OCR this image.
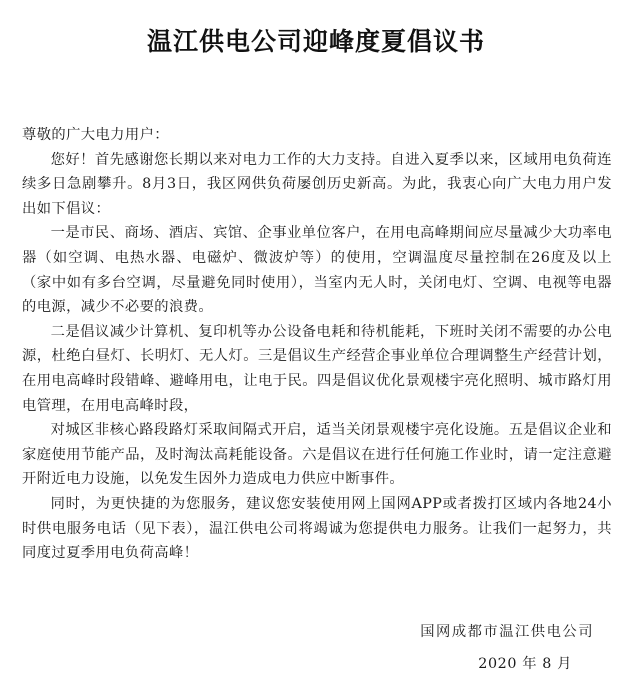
温江供电公司迎峰度夏倡议书

尊敬的广大电力用户：

您好！首先感谢您长期以来对电力工作的大力支持。自进入夏季以来，区域用电负荷连续多日急剧攀升。8月3日，我区网供负荷屡创历史新高。为此，我衷心向广大电力用户发出如下倡议：

一是市民、商场、酒店、宾馆、企事业单位客户，在用电高峰期间应尽量减少大功率电器（如空调、电热水器、电磁炉、微波炉等）的使用，空调温度尽量控制在26度及以上（家中如有多台空调，尽量避免同时使用），当室内无人时，关闭电灯、空调、电视等电器的电源，减少不必要的浪费。

二是倡议减少计算机、复印机等办公设备电耗和待机能耗，下班时关闭不需要的办公电源，杜绝白昼灯、长明灯、无人灯。三是倡议生产经营企事业单位合理调整生产经营计划，在用电高峰时段错峰、避峰用电，让电于民。四是倡议优化景观楼宇亮化照明、城市路灯用电管理，在用电高峰时段，

对城区非核心路段路灯采取间隔式开启，适当关闭景观楼宇亮化设施。五是倡议企业和家庭使用节能产品，及时淘汰高耗能设备。六是倡议在进行任何施工作业时，请一定注意避开附近电力设施，以免发生因外力造成电力供应中断事件。

同时，为更快捷的为您服务，建议您安装使用网上国网APP或者拨打区域内各地24小时供电服务电话（见下表），温江供电公司将竭诚为您提供电力服务。让我们一起努力，共同度过夏季用电负荷高峰！

国网成都市温江供电公司
2020 年 8 月
